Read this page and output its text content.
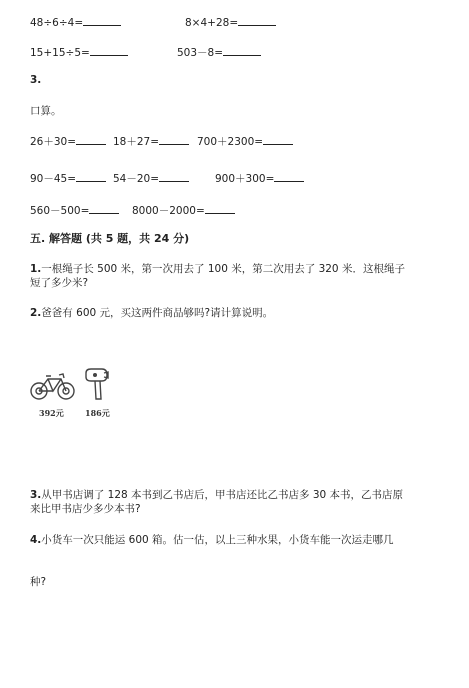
48÷6÷4=	8×4+28=
15+15÷5=	503－8=
3.
口算。
26＋30=	18＋27=	700＋2300=
90－45=	54－20=	900＋300=
560－500=	8000－2000=
五. 解答题 (共 5 题，共 24 分)
1.一根绳子长 500 米，第一次用去了 100 米，第二次用去了 320 米．这根绳子
短了多少米?
2.爸爸有 600 元，买这两件商品够吗?请计算说明。
392元	186元
3.从甲书店调了 128 本书到乙书店后，甲书店还比乙书店多 30 本书，乙书店原
来比甲书店少多少本书?
4.小货车一次只能运 600 箱。估一估，以上三种水果，小货车能一次运走哪几
种?
